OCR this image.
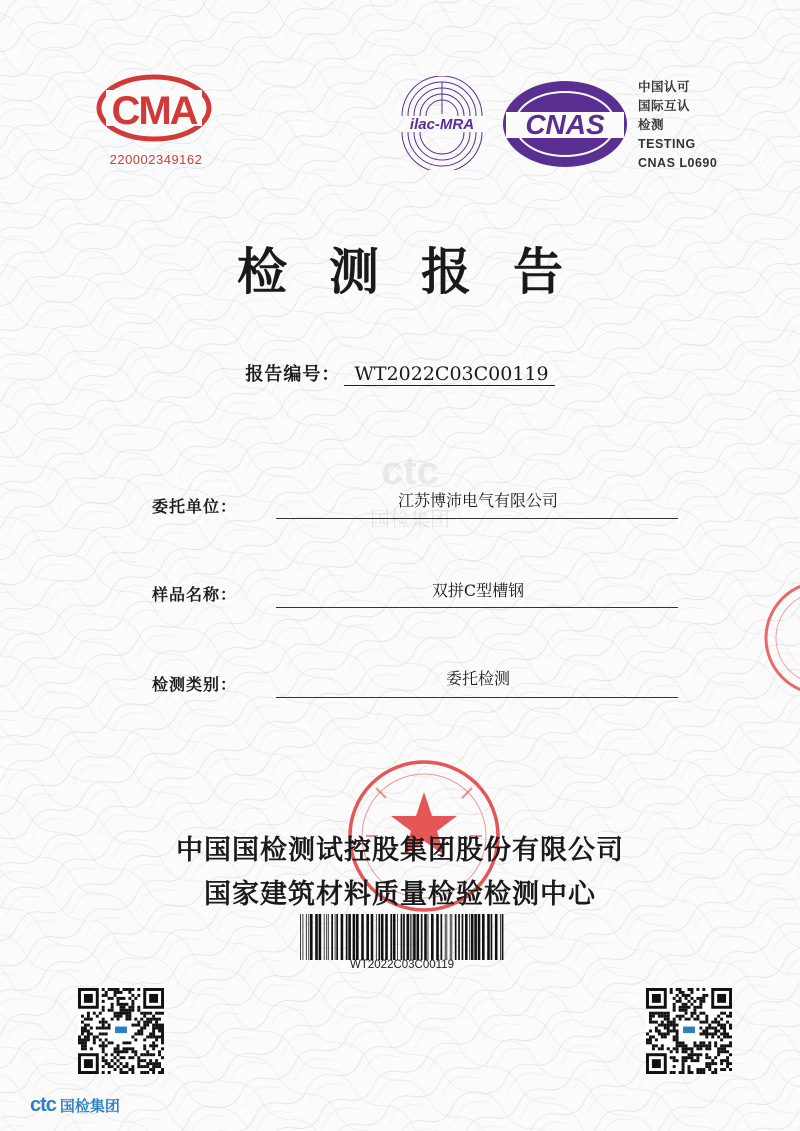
CMA
220002349162
ilac-MRA CNAS
中国认可
国际互认
检测
TESTING
CNAS L0690
检测报告
报告编号： WT2022C03C00119
ctc
国检集团
委托单位：	江苏博沛电气有限公司
样品名称：	双拼C型槽钢
检测类别：	委托检测
中国国检测试控股集团股份有限公司
国家建筑材料质量检验检测中心
WT2022C03C00119
ctc 国检集团
